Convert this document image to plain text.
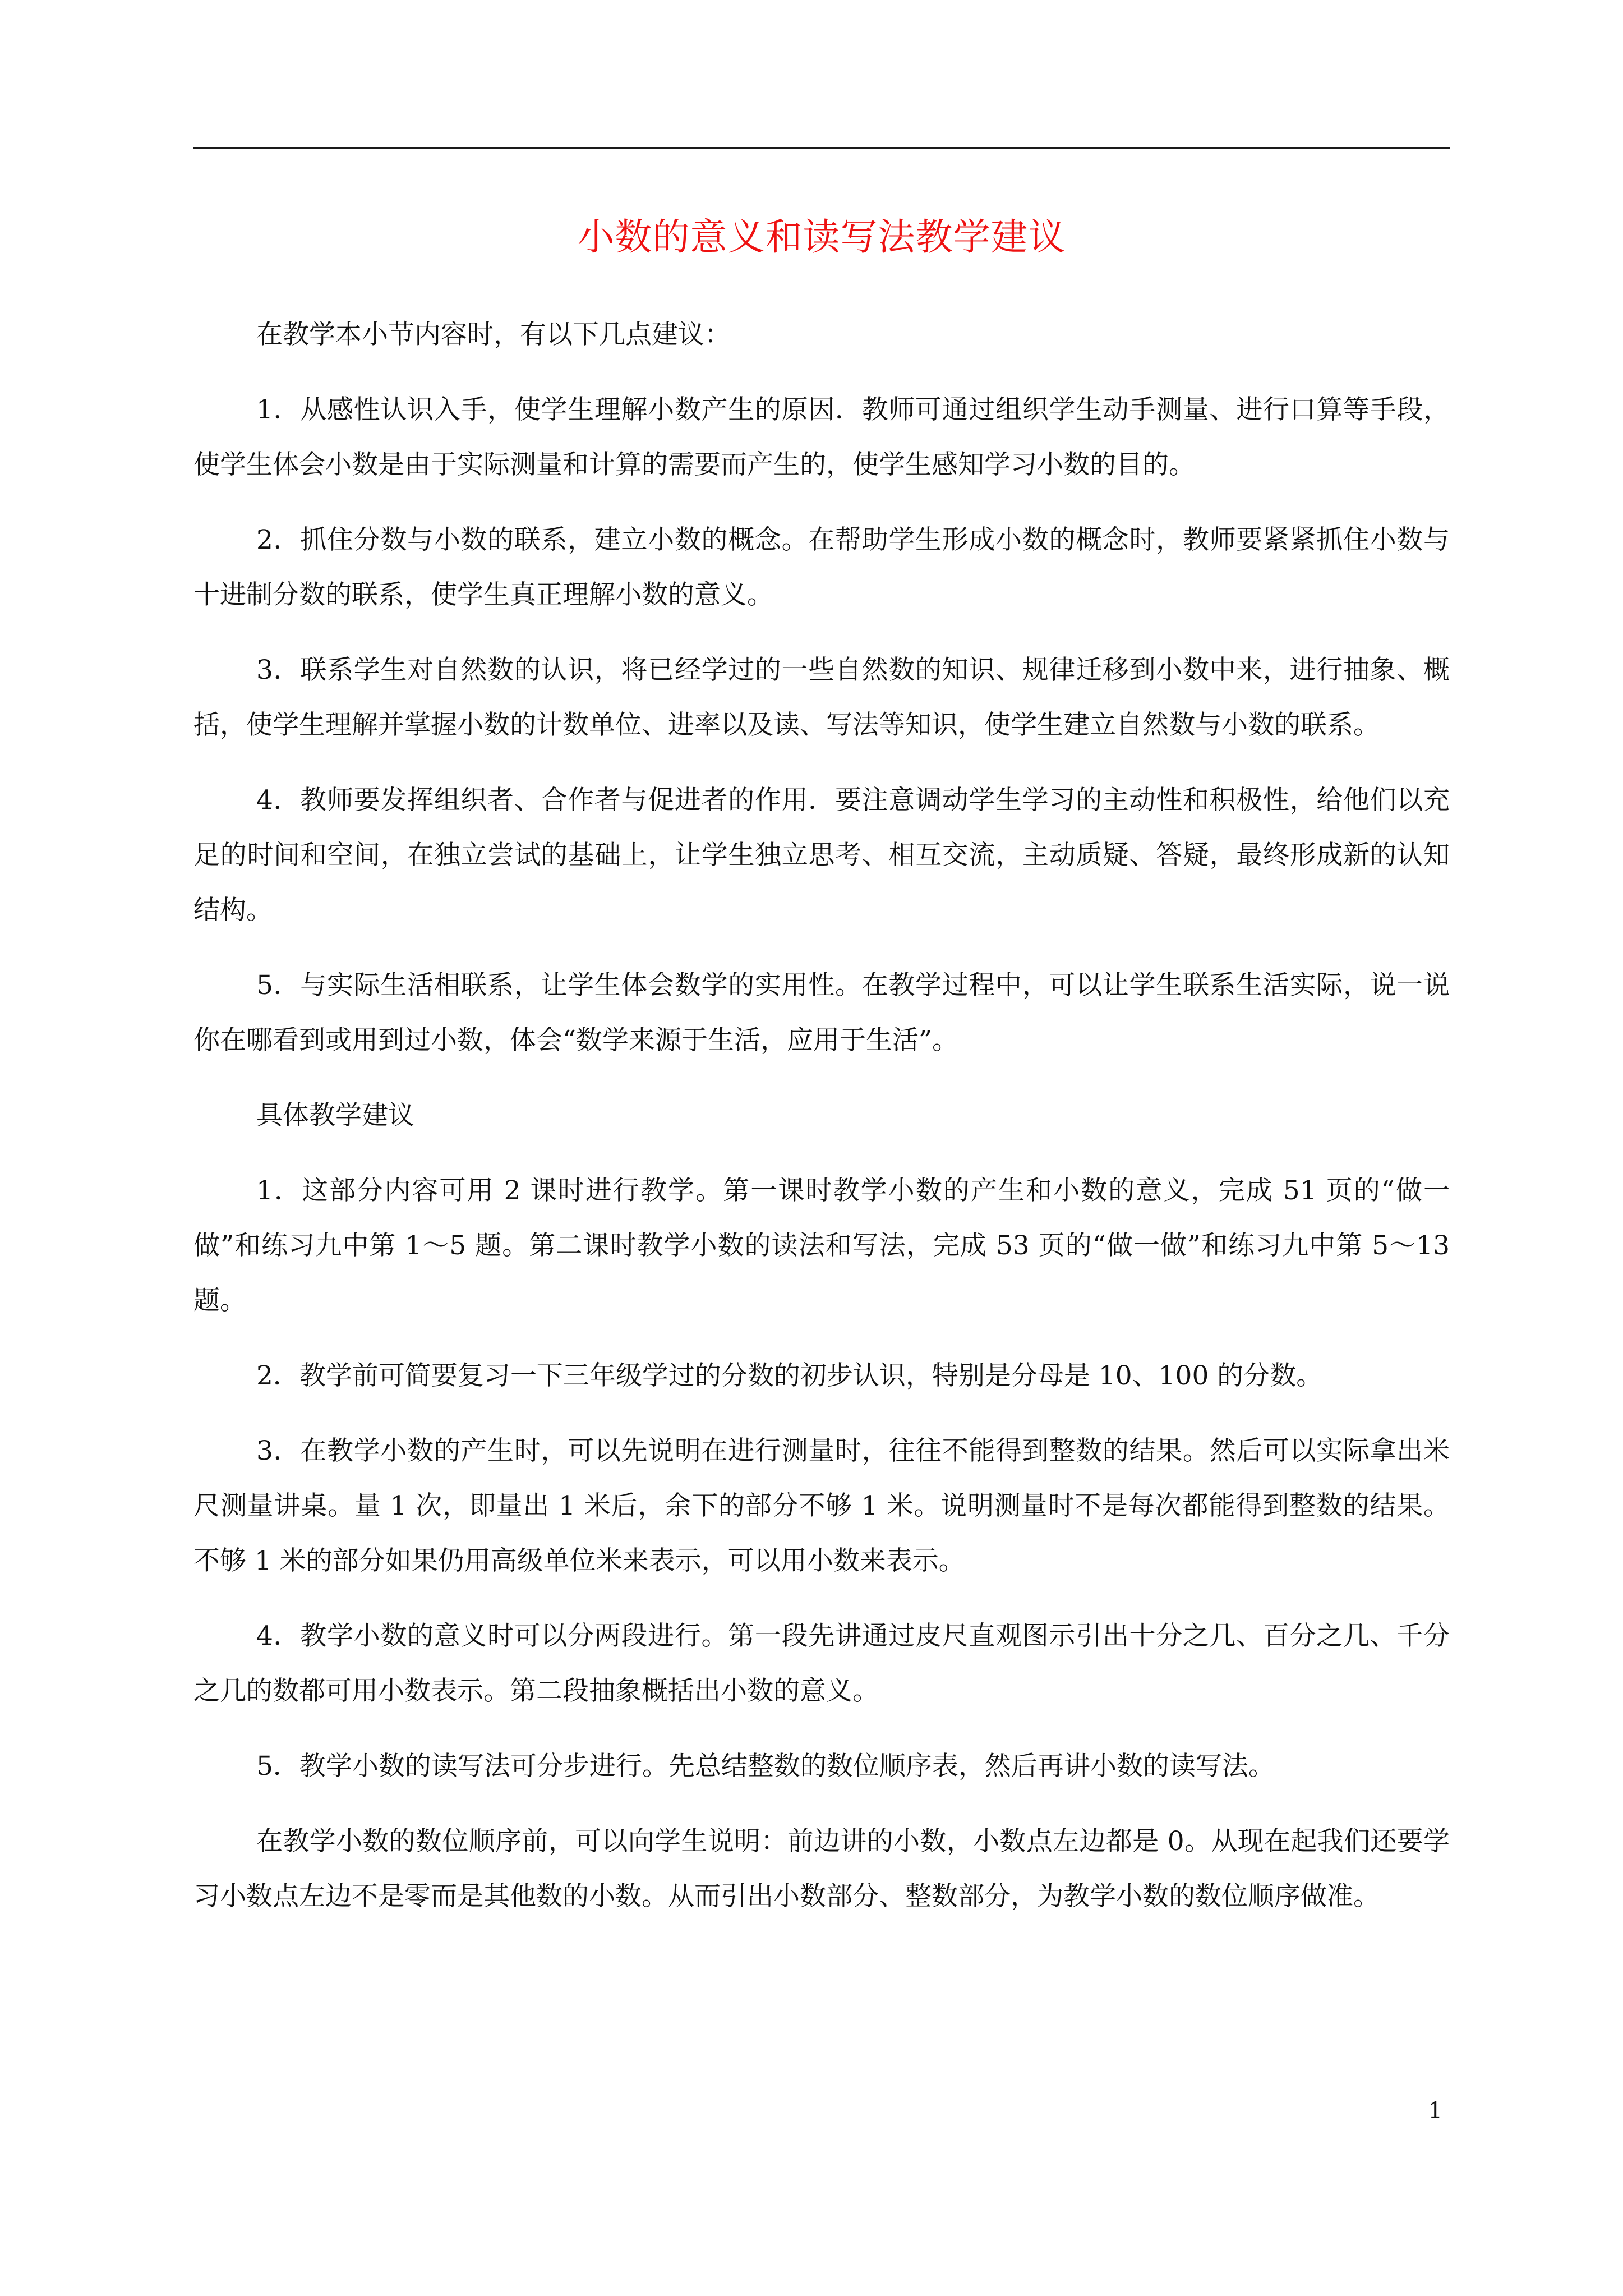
小数的意义和读写法教学建议

在教学本小节内容时，有以下几点建议：

1．从感性认识入手，使学生理解小数产生的原因．教师可通过组织学生动手测量、进行口算等手段，使学生体会小数是由于实际测量和计算的需要而产生的，使学生感知学习小数的目的。

2．抓住分数与小数的联系，建立小数的概念。在帮助学生形成小数的概念时，教师要紧紧抓住小数与十进制分数的联系，使学生真正理解小数的意义。

3．联系学生对自然数的认识，将已经学过的一些自然数的知识、规律迁移到小数中来，进行抽象、概括，使学生理解并掌握小数的计数单位、进率以及读、写法等知识，使学生建立自然数与小数的联系。

4．教师要发挥组织者、合作者与促进者的作用．要注意调动学生学习的主动性和积极性，给他们以充足的时间和空间，在独立尝试的基础上，让学生独立思考、相互交流，主动质疑、答疑，最终形成新的认知结构。

5．与实际生活相联系，让学生体会数学的实用性。在教学过程中，可以让学生联系生活实际，说一说你在哪看到或用到过小数，体会“数学来源于生活，应用于生活”。

具体教学建议

1．这部分内容可用 2 课时进行教学。第一课时教学小数的产生和小数的意义，完成 51 页的“做一做”和练习九中第 1～5 题。第二课时教学小数的读法和写法，完成 53 页的“做一做”和练习九中第 5～13 题。

2．教学前可简要复习一下三年级学过的分数的初步认识，特别是分母是 10、100 的分数。

3．在教学小数的产生时，可以先说明在进行测量时，往往不能得到整数的结果。然后可以实际拿出米尺测量讲桌。量 1 次，即量出 1 米后，余下的部分不够 1 米。说明测量时不是每次都能得到整数的结果。不够 1 米的部分如果仍用高级单位米来表示，可以用小数来表示。

4．教学小数的意义时可以分两段进行。第一段先讲通过皮尺直观图示引出十分之几、百分之几、千分之几的数都可用小数表示。第二段抽象概括出小数的意义。

5．教学小数的读写法可分步进行。先总结整数的数位顺序表，然后再讲小数的读写法。

在教学小数的数位顺序前，可以向学生说明：前边讲的小数，小数点左边都是 0。从现在起我们还要学习小数点左边不是零而是其他数的小数。从而引出小数部分、整数部分，为教学小数的数位顺序做准。

1
